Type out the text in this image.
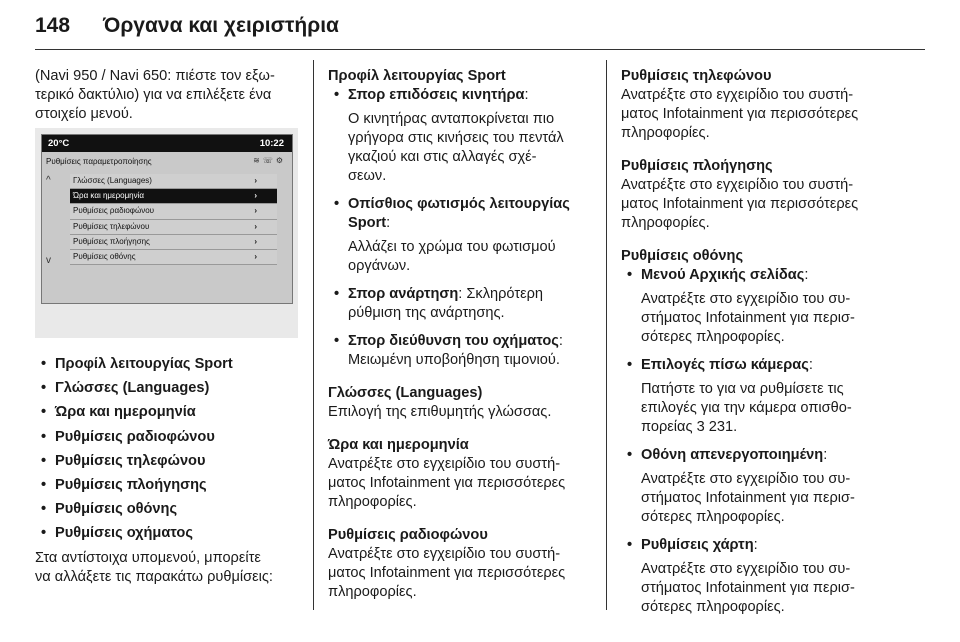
148 Όργανα και χειριστήρια

(Navi 950 / Navi 650: πιέστε τον εξω‐

τερικό δακτύλιο) για να επιλέξετε ένα

στοιχείο μενού.

20°C	10:22
Ρυθμίσεις παραμετροποίησης	≋☏⚙
^
v
Γλώσσες (Languages)	›
Ώρα και ημερομηνία	›
Ρυθμίσεις ραδιοφώνου	›
Ρυθμίσεις τηλεφώνου	›
Ρυθμίσεις πλοήγησης	›
Ρυθμίσεις οθόνης	›

• Προφίλ λειτουργίας Sport

• Γλώσσες (Languages)

• Ώρα και ημερομηνία

• Ρυθμίσεις ραδιοφώνου

• Ρυθμίσεις τηλεφώνου

• Ρυθμίσεις πλοήγησης

• Ρυθμίσεις οθόνης

• Ρυθμίσεις οχήματος

Στα αντίστοιχα υπομενού, μπορείτε

να αλλάξετε τις παρακάτω ρυθμίσεις:

Προφίλ λειτουργίας Sport

• Σπορ επιδόσεις κινητήρα:

Ο κινητήρας ανταποκρίνεται πιο

γρήγορα στις κινήσεις του πεντάλ

γκαζιού και στις αλλαγές σχέ‐

σεων.

• Οπίσθιος φωτισμός λειτουργίας

Sport:

Αλλάζει το χρώμα του φωτισμού

οργάνων.

• Σπορ ανάρτηση: Σκληρότερη

ρύθμιση της ανάρτησης.

• Σπορ διεύθυνση του οχήματος:

Μειωμένη υποβοήθηση τιμονιού.

Γλώσσες (Languages)

Επιλογή της επιθυμητής γλώσσας.

Ώρα και ημερομηνία

Ανατρέξτε στο εγχειρίδιο του συστή‐

ματος Infotainment για περισσότερες

πληροφορίες.

Ρυθμίσεις ραδιοφώνου

Ανατρέξτε στο εγχειρίδιο του συστή‐

ματος Infotainment για περισσότερες

πληροφορίες.

Ρυθμίσεις τηλεφώνου

Ανατρέξτε στο εγχειρίδιο του συστή‐

ματος Infotainment για περισσότερες

πληροφορίες.

Ρυθμίσεις πλοήγησης

Ανατρέξτε στο εγχειρίδιο του συστή‐

ματος Infotainment για περισσότερες

πληροφορίες.

Ρυθμίσεις οθόνης

• Μενού Αρχικής σελίδας:

Ανατρέξτε στο εγχειρίδιο του συ‐

στήματος Infotainment για περισ‐

σότερες πληροφορίες.

• Επιλογές πίσω κάμερας:

Πατήστε το για να ρυθμίσετε τις

επιλογές για την κάμερα οπισθο‐

πορείας 3 231.

• Οθόνη απενεργοποιημένη:

Ανατρέξτε στο εγχειρίδιο του συ‐

στήματος Infotainment για περισ‐

σότερες πληροφορίες.

• Ρυθμίσεις χάρτη:

Ανατρέξτε στο εγχειρίδιο του συ‐

στήματος Infotainment για περισ‐

σότερες πληροφορίες.
